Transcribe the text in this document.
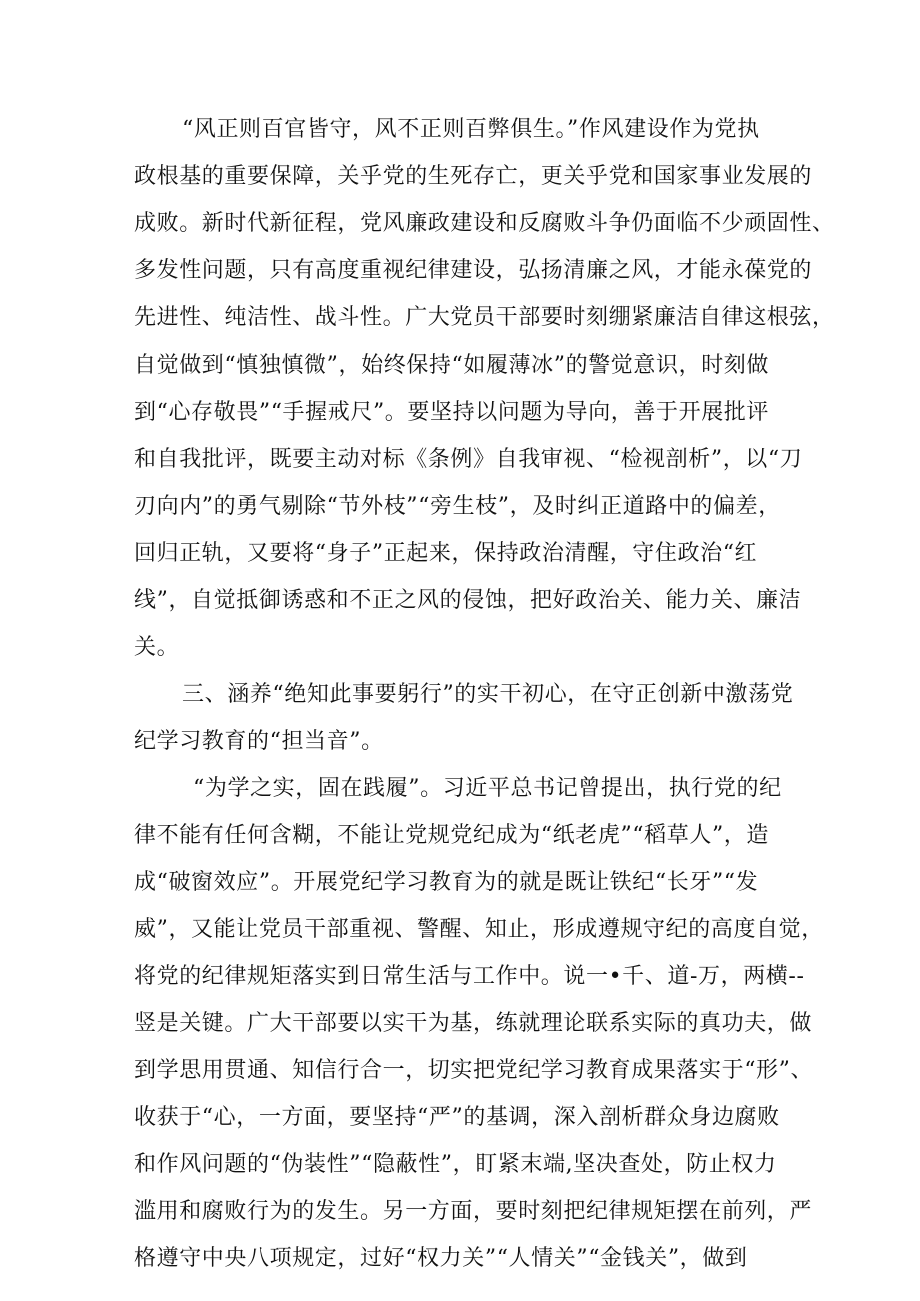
“风正则百官皆守，风不正则百弊俱生。”作风建设作为党执
政根基的重要保障，关乎党的生死存亡，更关乎党和国家事业发展的
成败。新时代新征程，党风廉政建设和反腐败斗争仍面临不少顽固性、
多发性问题，只有高度重视纪律建设，弘扬清廉之风，才能永葆党的
先进性、纯洁性、战斗性。广大党员干部要时刻绷紧廉洁自律这根弦，
自觉做到“慎独慎微”，始终保持“如履薄冰”的警觉意识，时刻做
到“心存敬畏”“手握戒尺”。要坚持以问题为导向，善于开展批评
和自我批评，既要主动对标《条例》自我审视、“检视剖析”，以“刀
刃向内”的勇气剔除“节外枝”“旁生枝”，及时纠正道路中的偏差，
回归正轨，又要将“身子”正起来，保持政治清醒，守住政治“红
线”，自觉抵御诱惑和不正之风的侵蚀，把好政治关、能力关、廉洁
关。
三、涵养“绝知此事要躬行”的实干初心，在守正创新中激荡党
纪学习教育的“担当音”。
“为学之实，固在践履”。习近平总书记曾提出，执行党的纪
律不能有任何含糊，不能让党规党纪成为“纸老虎”“稻草人”，造
成“破窗效应”。开展党纪学习教育为的就是既让铁纪“长牙”“发
威”，又能让党员干部重视、警醒、知止，形成遵规守纪的高度自觉，
将党的纪律规矩落实到日常生活与工作中。说一•千、道-万，两横--
竖是关键。广大干部要以实干为基，练就理论联系实际的真功夫，做
到学思用贯通、知信行合一，切实把党纪学习教育成果落实于“形”、
收获于“心，一方面，要坚持“严”的基调，深入剖析群众身边腐败
和作风问题的“伪装性”“隐蔽性”，盯紧末端,坚决查处，防止权力
滥用和腐败行为的发生。另一方面，要时刻把纪律规矩摆在前列，严
格遵守中央八项规定，过好“权力关”“人情关”“金钱关”，做到
